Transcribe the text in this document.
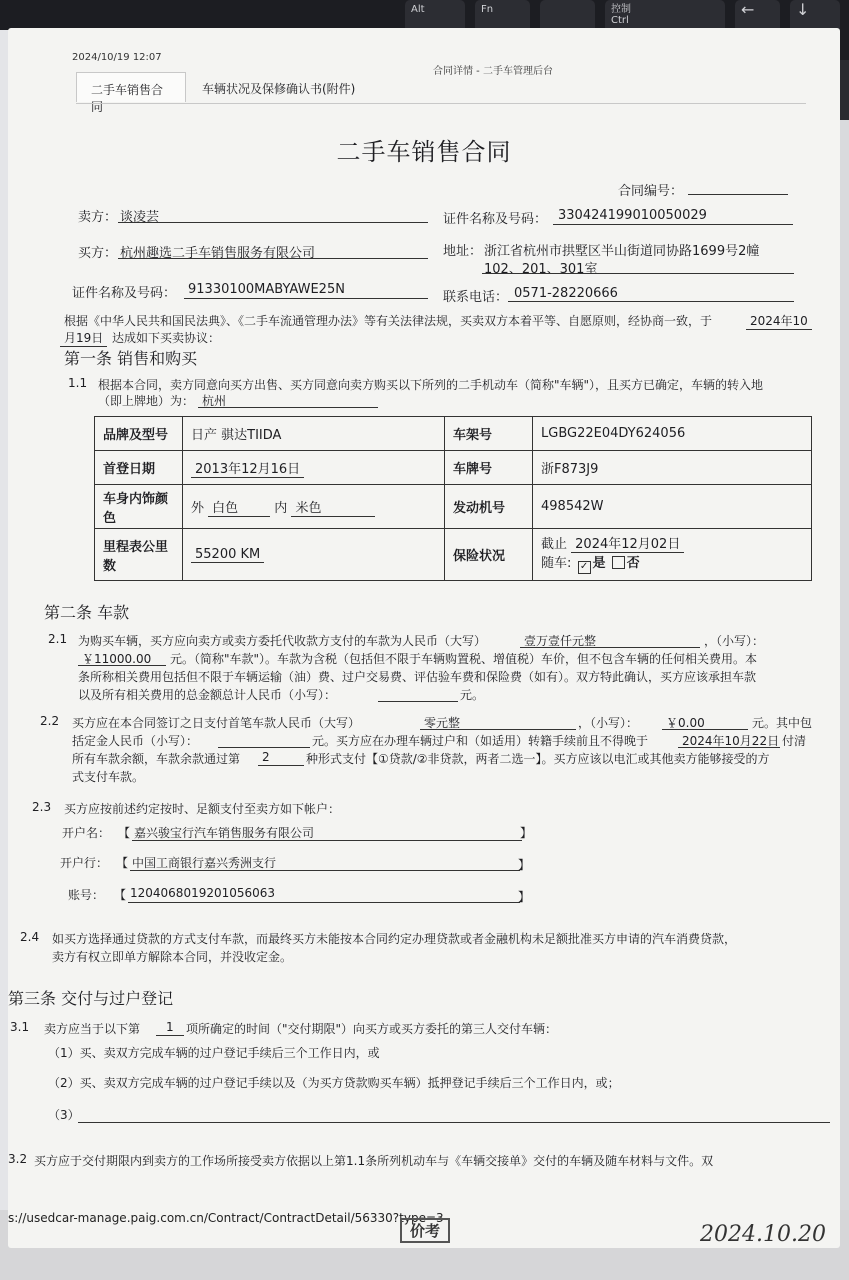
Alt	Fn	控制
Ctrl
←	↓
2024/10/19 12:07
合同详情 - 二手车管理后台
二手车销售合同
车辆状况及保修确认书(附件)
二手车销售合同
合同编号：
卖方： 谈凌芸	证件名称及号码： 330424199010050029
买方： 杭州趣选二手车销售服务有限公司	地址： 浙江省杭州市拱墅区半山街道同协路1699号2幢
102、201、301室
证件名称及号码： 91330100MABYAWE25N
联系电话： 0571-28220666
根据《中华人民共和国民法典》、《二手车流通管理办法》等有关法律法规，买卖双方本着平等、自愿原则，经协商一致，于	2024年10
月19日 达成如下买卖协议：
第一条 销售和购买
1.1 根据本合同，卖方同意向买方出售、买方同意向卖方购买以下所列的二手机动车（简称"车辆"），且买方已确定，车辆的转入地
（即上牌地）为： 杭州
品牌及型号	日产 骐达TIIDA	车架号	LGBG22E04DY624056
首登日期	2013年12月16日	车牌号	浙F873J9
车身内饰颜色	外 白色 内 米色	发动机号	498542W
里程表公里数	55200 KM	保险状况	截止 2024年12月02日
随车: ✓ 是 否
第二条 车款
2.1 为购买车辆，买方应向卖方或卖方委托代收款方支付的车款为人民币（大写）	壹万壹仟元整	，（小写）：
￥11000.00 元。（简称"车款"）。车款为含税（包括但不限于车辆购置税、增值税）车价，但不包含车辆的任何相关费用。本
条所称相关费用包括但不限于车辆运输（油）费、过户交易费、评估验车费和保险费（如有）。双方特此确认，买方应该承担车款
以及所有相关费用的总金额总计人民币（小写）：	元。
2.2 买方应在本合同签订之日支付首笔车款人民币（大写）	零元整	，（小写）： ￥0.00	元。其中包
括定金人民币（小写）：	元。买方应在办理车辆过户和（如适用）转籍手续前且不得晚于	2024年10月22日 付清
所有车款余额，车款余款通过第 2	种形式支付【①贷款/②非贷款，两者二选一】。买方应该以电汇或其他卖方能够接受的方
式支付车款。
2.3 买方应按前述约定按时、足额支付至卖方如下帐户：
开户名： 【 嘉兴骏宝行汽车销售服务有限公司	】
开户行： 【 中国工商银行嘉兴秀洲支行	】
账号： 【 1204068019201056063	】
2.4 如买方选择通过贷款的方式支付车款，而最终买方未能按本合同约定办理贷款或者金融机构未足额批准买方申请的汽车消费贷款，
卖方有权立即单方解除本合同，并没收定金。
第三条 交付与过户登记
3.1 卖方应当于以下第 1 项所确定的时间（"交付期限"）向买方或买方委托的第三人交付车辆：
（1）买、卖双方完成车辆的过户登记手续后三个工作日内，或
（2）买、卖双方完成车辆的过户登记手续以及（为买方贷款购买车辆）抵押登记手续后三个工作日内，或；
（3）
3.2 买方应于交付期限内到卖方的工作场所接受卖方依据以上第1.1条所列机动车与《车辆交接单》交付的车辆及随车材料与文件。双
s://usedcar-manage.paig.com.cn/Contract/ContractDetail/56330?type=3
价考	2024.10.20
